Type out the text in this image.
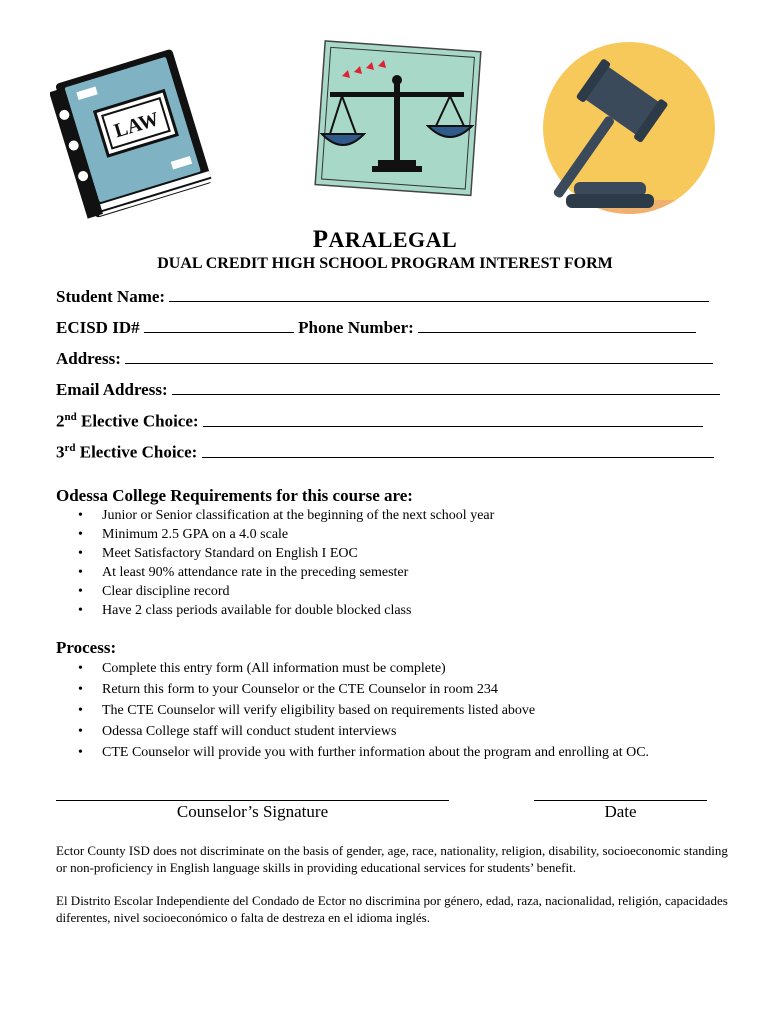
LAW
PARALEGAL
DUAL CREDIT HIGH SCHOOL PROGRAM INTEREST FORM
Student Name:
ECISD ID#	Phone Number:
Address:
Email Address:
2nd Elective Choice:
3rd Elective Choice:
Odessa College Requirements for this course are:
• Junior or Senior classification at the beginning of the next school year
• Minimum 2.5 GPA on a 4.0 scale
• Meet Satisfactory Standard on English I EOC
• At least 90% attendance rate in the preceding semester
• Clear discipline record
• Have 2 class periods available for double blocked class
Process:
• Complete this entry form (All information must be complete)
• Return this form to your Counselor or the CTE Counselor in room 234
• The CTE Counselor will verify eligibility based on requirements listed above
• Odessa College staff will conduct student interviews
• CTE Counselor will provide you with further information about the program and enrolling at OC.
Counselor’s Signature	Date
Ector County ISD does not discriminate on the basis of gender, age, race, nationality, religion, disability, socioeconomic standing or non-proficiency in English language skills in providing educational services for students’ benefit.
El Distrito Escolar Independiente del Condado de Ector no discrimina por género, edad, raza, nacionalidad, religión, capacidades diferentes, nivel socioeconómico o falta de destreza en el idioma inglés.
